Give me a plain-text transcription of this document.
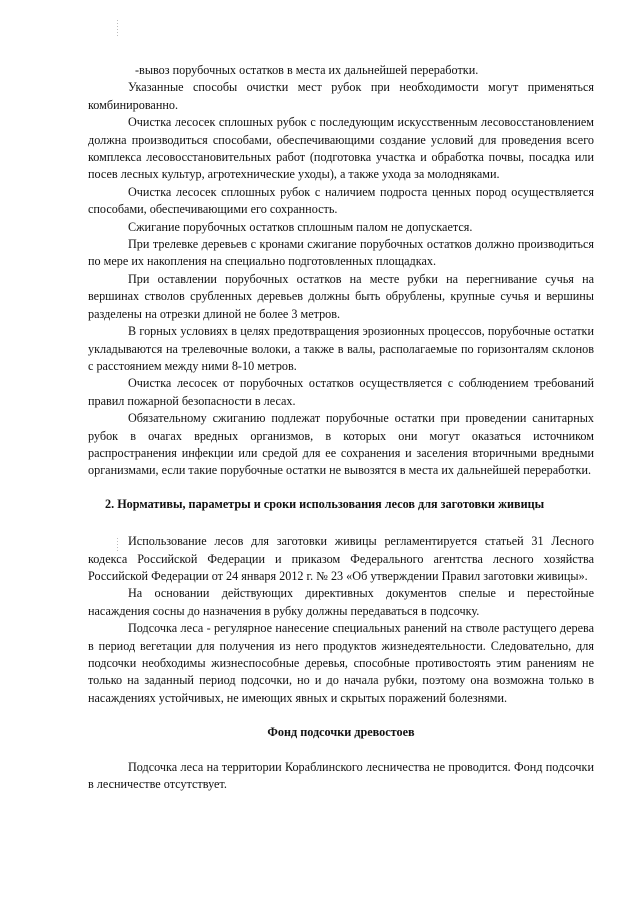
-вывоз порубочных остатков в места их дальнейшей переработки.

Указанные способы очистки мест рубок при необходимости могут применяться комбинированно.

Очистка лесосек сплошных рубок с последующим искусственным лесовосстановлением должна производиться способами, обеспечивающими создание условий для проведения всего комплекса лесовосстановительных работ (подготовка участка и обработка почвы, посадка или посев лесных культур, агротехнические уходы), а также ухода за молодняками.

Очистка лесосек сплошных рубок с наличием подроста ценных пород осуществляется способами, обеспечивающими его сохранность.

Сжигание порубочных остатков сплошным палом не допускается.

При трелевке деревьев с кронами сжигание порубочных остатков должно производиться по мере их накопления на специально подготовленных площадках.

При оставлении порубочных остатков на месте рубки на перегнивание сучья на вершинах стволов срубленных деревьев должны быть обрублены, крупные сучья и вершины разделены на отрезки длиной не более 3 метров.

В горных условиях в целях предотвращения эрозионных процессов, порубочные остатки укладываются на трелевочные волоки, а также в валы, располагаемые по горизонталям склонов с расстоянием между ними 8-10 метров.

Очистка лесосек от порубочных остатков осуществляется с соблюдением требований правил пожарной безопасности в лесах.

Обязательному сжиганию подлежат порубочные остатки при проведении санитарных рубок в очагах вредных организмов, в которых они могут оказаться источником распространения инфекции или средой для ее сохранения и заселения вторичными вредными организмами, если такие порубочные остатки не вывозятся в места их дальнейшей переработки.

2. Нормативы, параметры и сроки использования лесов для заготовки живицы

Использование лесов для заготовки живицы регламентируется статьей 31 Лесного кодекса Российской Федерации и приказом Федерального агентства лесного хозяйства Российской Федерации от 24 января 2012 г. № 23 «Об утверждении Правил заготовки живицы».

На основании действующих директивных документов спелые и перестойные насаждения сосны до назначения в рубку должны передаваться в подсочку.

Подсочка леса - регулярное нанесение специальных ранений на стволе растущего дерева в период вегетации для получения из него продуктов жизнедеятельности. Следовательно, для подсочки необходимы жизнеспособные деревья, способные противостоять этим ранениям не только на заданный период подсочки, но и до начала рубки, поэтому она возможна только в насаждениях устойчивых, не имеющих явных и скрытых поражений болезнями.

Фонд подсочки древостоев

Подсочка леса на территории Кораблинского лесничества не проводится. Фонд подсочки в лесничестве отсутствует.
